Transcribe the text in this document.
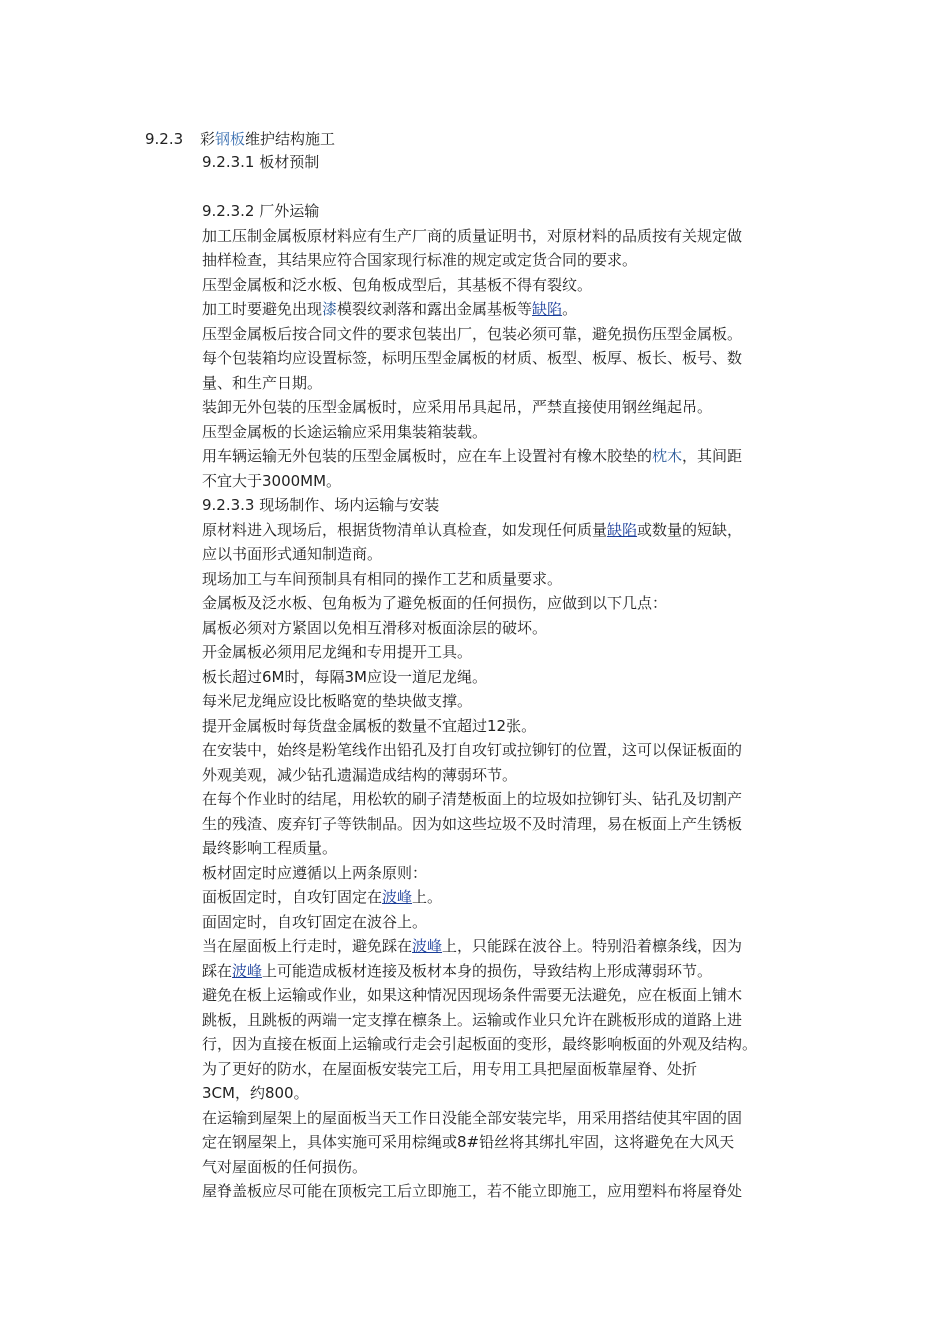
9.2.3 彩钢板维护结构施工
9.2.3.1 板材预制
9.2.3.2 厂外运输
加工压制金属板原材料应有生产厂商的质量证明书，对原材料的品质按有关规定做
抽样检查，其结果应符合国家现行标准的规定或定货合同的要求。
压型金属板和泛水板、包角板成型后，其基板不得有裂纹。
加工时要避免出现漆模裂纹剥落和露出金属基板等缺陷。
压型金属板后按合同文件的要求包装出厂，包装必须可靠，避免损伤压型金属板。
每个包装箱均应设置标签，标明压型金属板的材质、板型、板厚、板长、板号、数
量、和生产日期。
装卸无外包装的压型金属板时，应采用吊具起吊，严禁直接使用钢丝绳起吊。
压型金属板的长途运输应采用集装箱装载。
用车辆运输无外包装的压型金属板时，应在车上设置衬有橡木胶垫的枕木，其间距
不宜大于3000MM。
9.2.3.3 现场制作、场内运输与安装
原材料进入现场后，根据货物清单认真检查，如发现任何质量缺陷或数量的短缺，
应以书面形式通知制造商。
现场加工与车间预制具有相同的操作工艺和质量要求。
金属板及泛水板、包角板为了避免板面的任何损伤，应做到以下几点：
属板必须对方紧固以免相互滑移对板面涂层的破坏。
开金属板必须用尼龙绳和专用提开工具。
板长超过6M时，每隔3M应设一道尼龙绳。
每米尼龙绳应设比板略宽的垫块做支撑。
提开金属板时每货盘金属板的数量不宜超过12张。
在安装中，始终是粉笔线作出铅孔及打自攻钉或拉铆钉的位置，这可以保证板面的
外观美观，减少钻孔遗漏造成结构的薄弱环节。
在每个作业时的结尾，用松软的刷子清楚板面上的垃圾如拉铆钉头、钻孔及切割产
生的残渣、废弃钉子等铁制品。因为如这些垃圾不及时清理，易在板面上产生锈板
最终影响工程质量。
板材固定时应遵循以上两条原则：
面板固定时，自攻钉固定在波峰上。
面固定时，自攻钉固定在波谷上。
当在屋面板上行走时，避免踩在波峰上，只能踩在波谷上。特别沿着檩条线，因为
踩在波峰上可能造成板材连接及板材本身的损伤，导致结构上形成薄弱环节。
避免在板上运输或作业，如果这种情况因现场条件需要无法避免，应在板面上铺木
跳板，且跳板的两端一定支撑在檩条上。运输或作业只允许在跳板形成的道路上进
行，因为直接在板面上运输或行走会引起板面的变形，最终影响板面的外观及结构。
为了更好的防水，在屋面板安装完工后，用专用工具把屋面板靠屋脊、处折
3CM，约800。
在运输到屋架上的屋面板当天工作日没能全部安装完毕，用采用搭结使其牢固的固
定在钢屋架上，具体实施可采用棕绳或8#铅丝将其绑扎牢固，这将避免在大风天
气对屋面板的任何损伤。
屋脊盖板应尽可能在顶板完工后立即施工，若不能立即施工，应用塑料布将屋脊处
